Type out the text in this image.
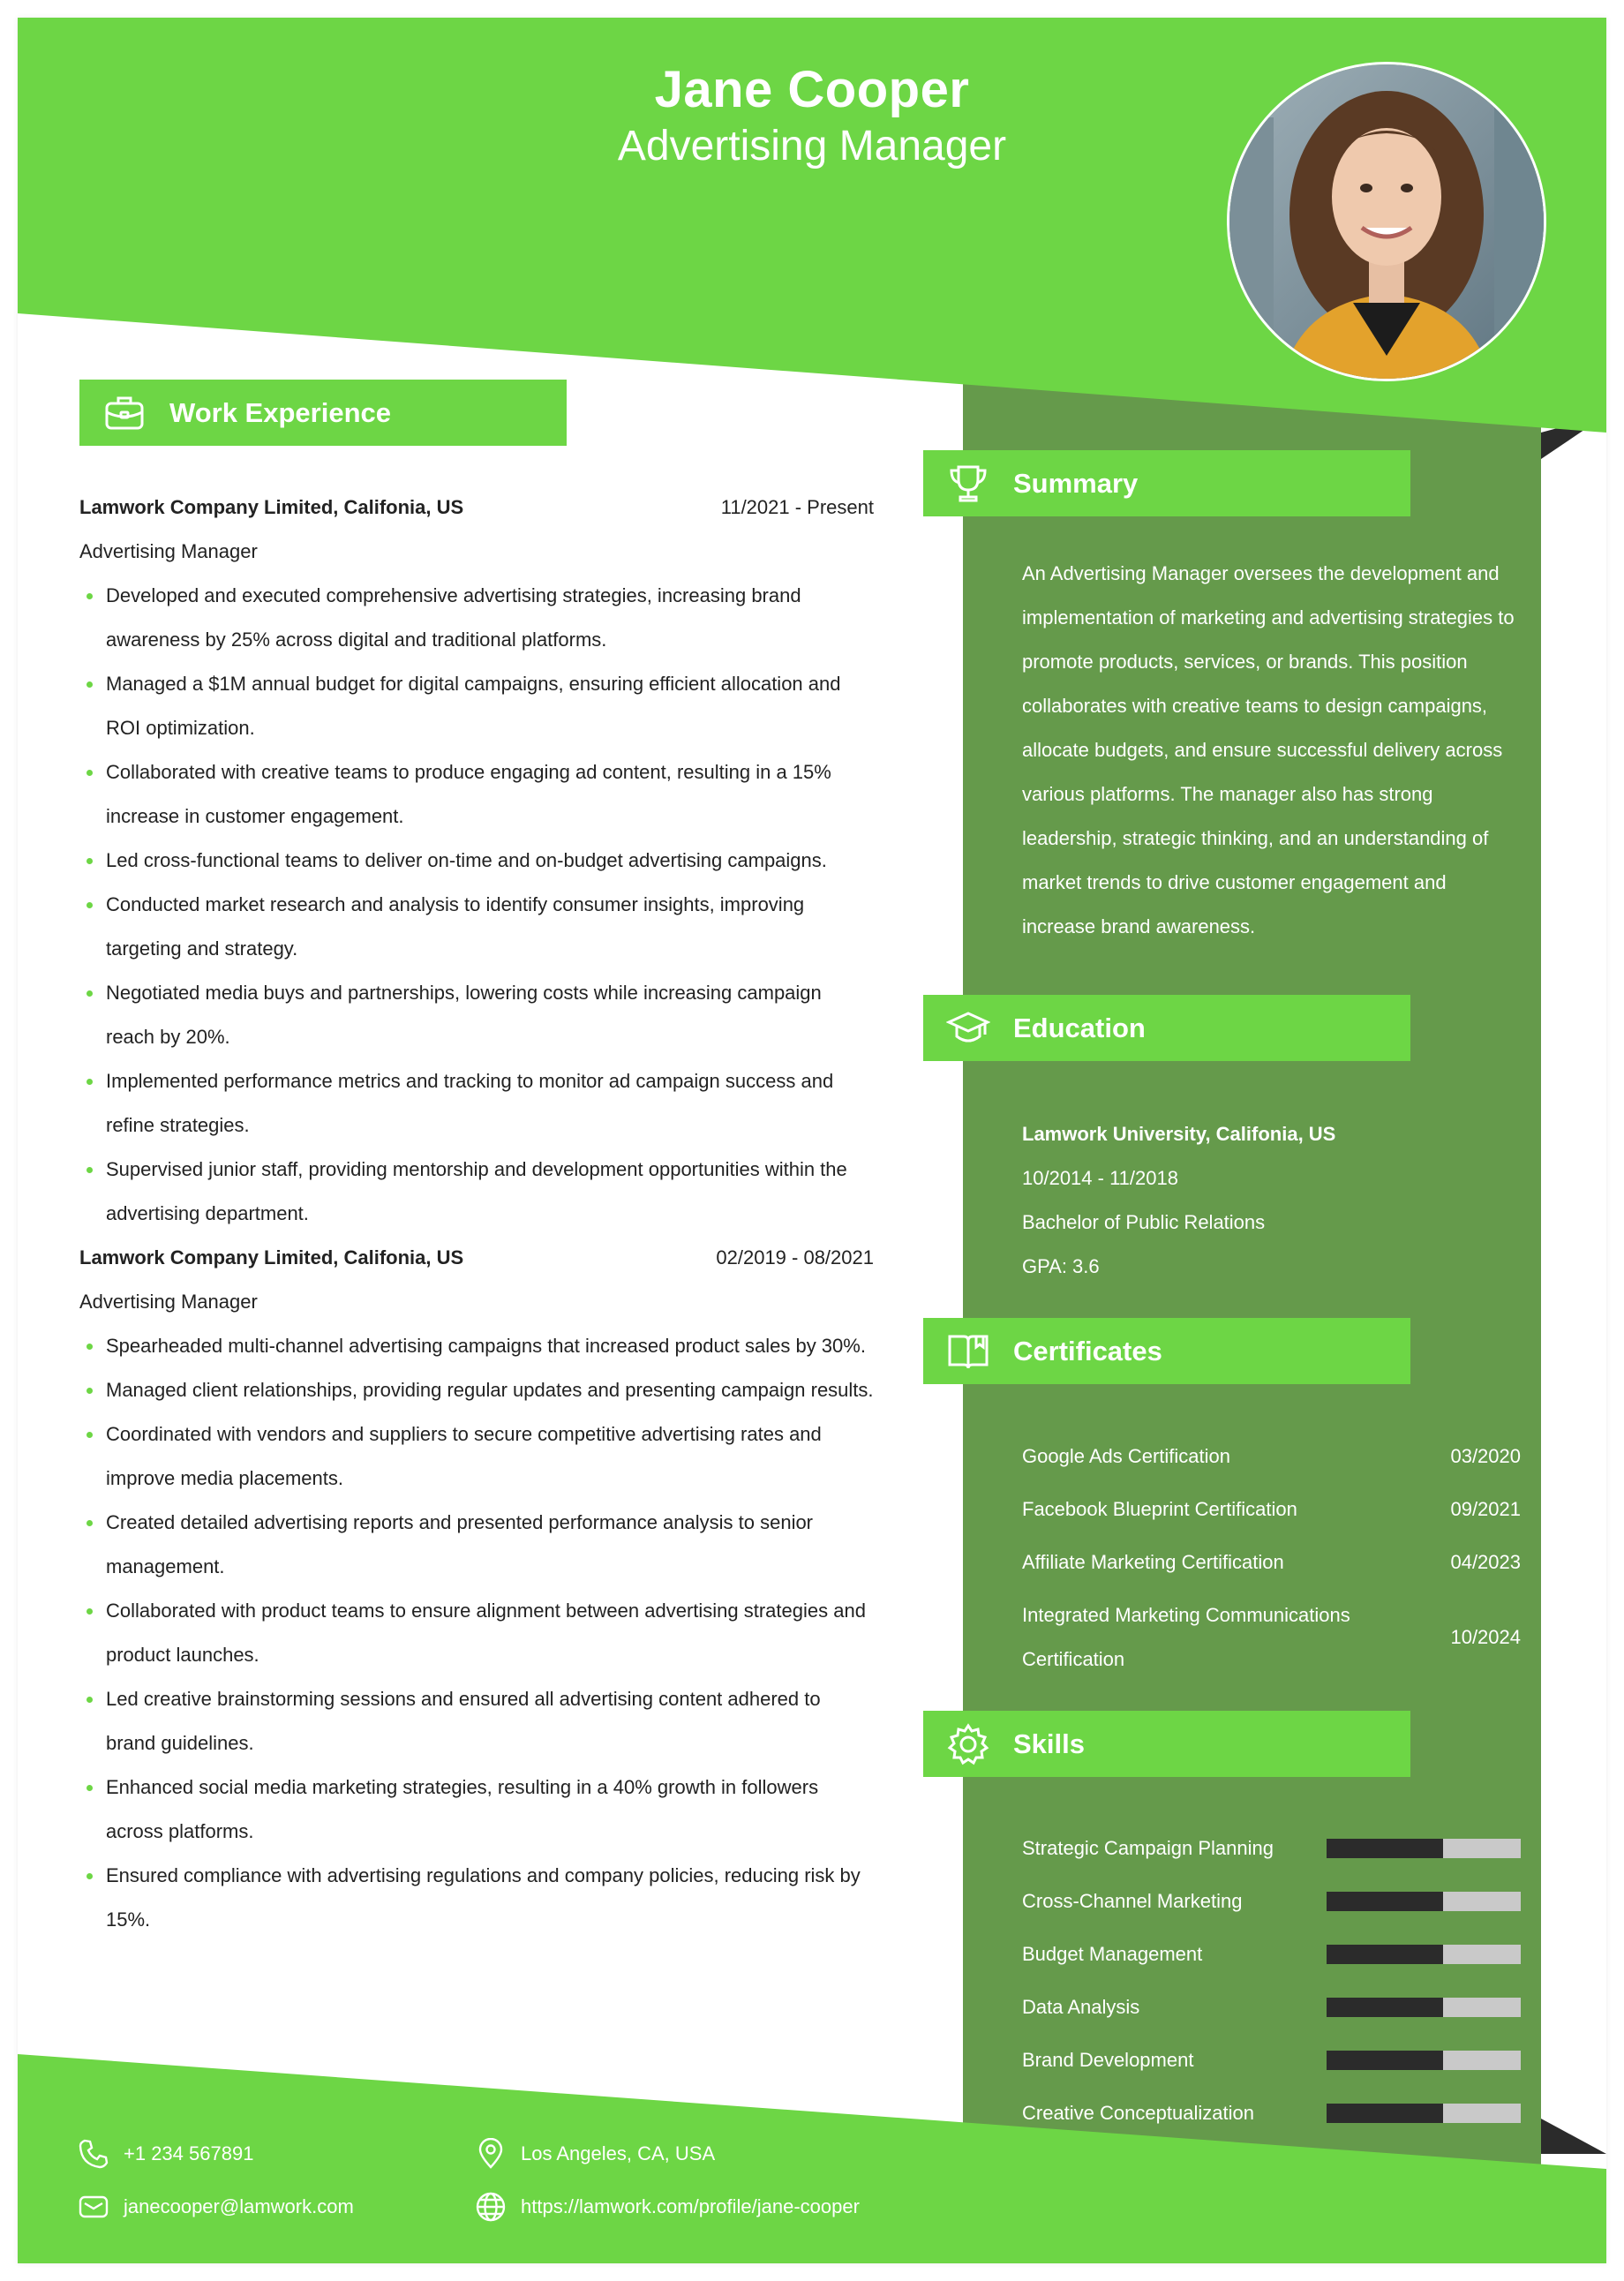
Jane Cooper
Advertising Manager
Work Experience
Lamwork Company Limited, Califonia, US	11/2021 - Present
Advertising Manager
Developed and executed comprehensive advertising strategies, increasing brand awareness by 25% across digital and traditional platforms.
Managed a $1M annual budget for digital campaigns, ensuring efficient allocation and ROI optimization.
Collaborated with creative teams to produce engaging ad content, resulting in a 15% increase in customer engagement.
Led cross-functional teams to deliver on-time and on-budget advertising campaigns.
Conducted market research and analysis to identify consumer insights, improving targeting and strategy.
Negotiated media buys and partnerships, lowering costs while increasing campaign reach by 20%.
Implemented performance metrics and tracking to monitor ad campaign success and refine strategies.
Supervised junior staff, providing mentorship and development opportunities within the advertising department.
Lamwork Company Limited, Califonia, US	02/2019 - 08/2021
Advertising Manager
Spearheaded multi-channel advertising campaigns that increased product sales by 30%.
Managed client relationships, providing regular updates and presenting campaign results.
Coordinated with vendors and suppliers to secure competitive advertising rates and improve media placements.
Created detailed advertising reports and presented performance analysis to senior management.
Collaborated with product teams to ensure alignment between advertising strategies and product launches.
Led creative brainstorming sessions and ensured all advertising content adhered to brand guidelines.
Enhanced social media marketing strategies, resulting in a 40% growth in followers across platforms.
Ensured compliance with advertising regulations and company policies, reducing risk by 15%.
Summary
An Advertising Manager oversees the development and implementation of marketing and advertising strategies to promote products, services, or brands. This position collaborates with creative teams to design campaigns, allocate budgets, and ensure successful delivery across various platforms. The manager also has strong leadership, strategic thinking, and an understanding of market trends to drive customer engagement and increase brand awareness.
Education
Lamwork University, Califonia, US
10/2014 - 11/2018
Bachelor of Public Relations
GPA: 3.6
Certificates
Google Ads Certification	03/2020
Facebook Blueprint Certification	09/2021
Affiliate Marketing Certification	04/2023
Integrated Marketing Communications Certification
10/2024
Skills
Strategic Campaign Planning
Cross-Channel Marketing
Budget Management
Data Analysis
Brand Development
Creative Conceptualization
+1 234 567891	Los Angeles, CA, USA
janecooper@lamwork.com	https://lamwork.com/profile/jane-cooper
